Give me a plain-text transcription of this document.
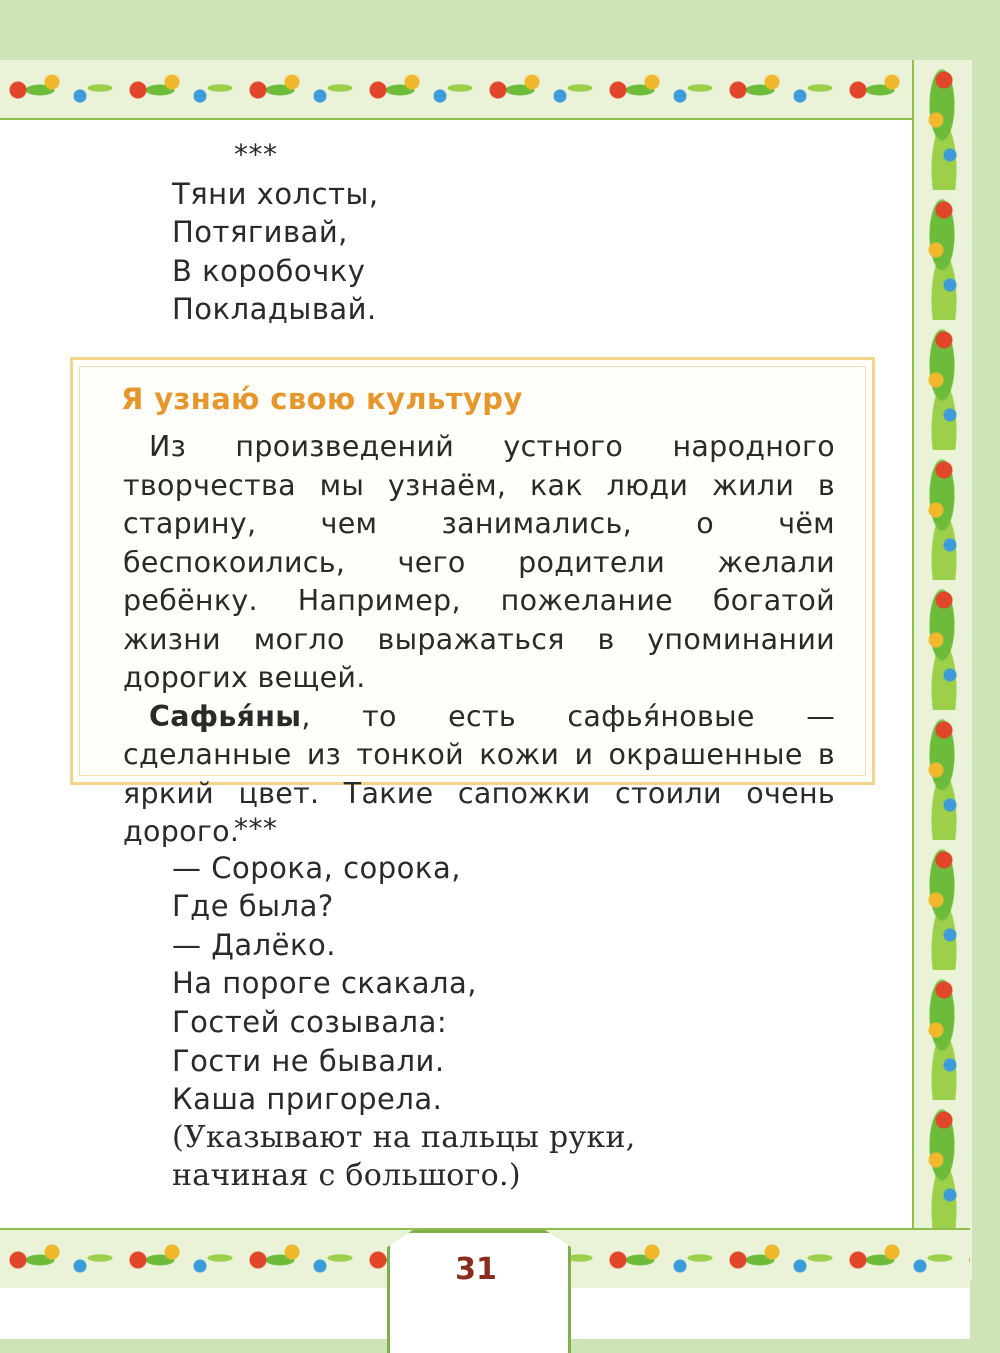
***
Тяни холсты,
Потягивай,
В коробочку
Покладывай.
Я узнаю́ свою культуру

Из произведений устного народного творчества мы узнаём, как люди жили в старину, чем занимались, о чём беспокоились, чего родители желали ребёнку. Например, пожелание богатой жизни могло выражаться в упоминании дорогих вещей.

Сафья́ны, то есть сафья́новые — сделанные из тонкой кожи и окрашенные в яркий цвет. Такие сапожки стоили очень дорого.

***
— Сорока, сорока,
Где была?
— Далёко.
На пороге скакала,
Гостей созывала:
Гости не бывали.
Каша пригорела.
(Указывают на пальцы руки,
начиная с большого.)
31
